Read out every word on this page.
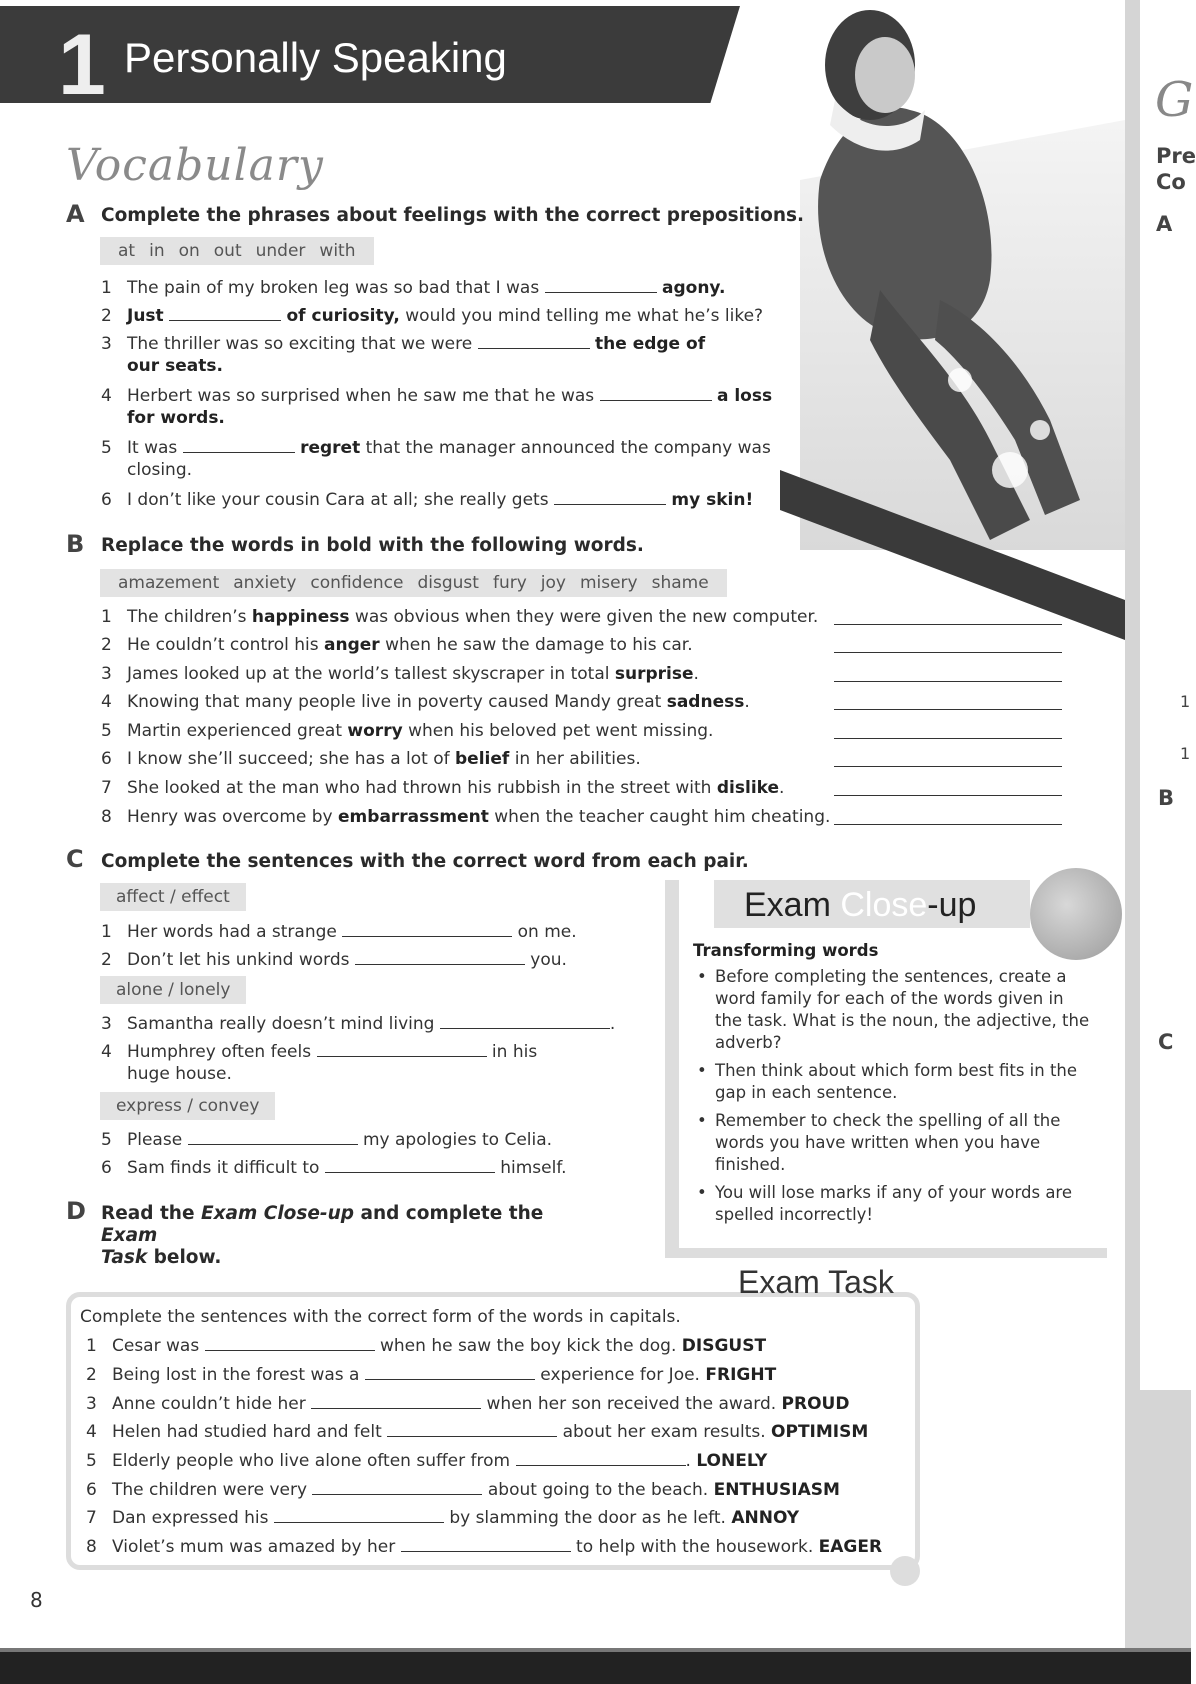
1 Personally Speaking
Vocabulary
A Complete the phrases about feelings with the correct prepositions.
at in on out under with
1 The pain of my broken leg was so bad that I was	agony.
2 Just	of curiosity, would you mind telling me what he’s like?
3 The thriller was so exciting that we were	the edge of
our seats.
4 Herbert was so surprised when he saw me that he was	a loss
for words.
5 It was	regret that the manager announced the company was
closing.
6 I don’t like your cousin Cara at all; she really gets	my skin!
B Replace the words in bold with the following words.
amazement anxiety confidence disgust fury joy misery shame
1 The children’s happiness was obvious when they were given the new computer.
2 He couldn’t control his anger when he saw the damage to his car.
3 James looked up at the world’s tallest skyscraper in total surprise.
4 Knowing that many people live in poverty caused Mandy great sadness.
5 Martin experienced great worry when his beloved pet went missing.
6 I know she’ll succeed; she has a lot of belief in her abilities.
7 She looked at the man who had thrown his rubbish in the street with dislike.
8 Henry was overcome by embarrassment when the teacher caught him cheating.
C Complete the sentences with the correct word from each pair.
affect / effect
1 Her words had a strange	on me.
2 Don’t let his unkind words	you.
alone / lonely
3 Samantha really doesn’t mind living	.
4 Humphrey often feels	in his
huge house.
express / convey
5 Please	my apologies to Celia.
6 Sam finds it difficult to	himself.
D Read the Exam Close-up and complete the Exam
Task below.
Exam Close-up
Transforming words
• Before completing the sentences, create a word family for each of the words given in the task. What is the noun, the adjective, the adverb?
• Then think about which form best fits in the gap in each sentence.
• Remember to check the spelling of all the words you have written when you have finished.
• You will lose marks if any of your words are spelled incorrectly!
Exam Task
Complete the sentences with the correct form of the words in capitals.
1 Cesar was	when he saw the boy kick the dog. DISGUST
2 Being lost in the forest was a	experience for Joe. FRIGHT
3 Anne couldn’t hide her	when her son received the award. PROUD
4 Helen had studied hard and felt	about her exam results. OPTIMISM
5 Elderly people who live alone often suffer from	. LONELY
6 The children were very	about going to the beach. ENTHUSIASM
7 Dan expressed his	by slamming the door as he left. ANNOY
8 Violet’s mum was amazed by her	to help with the housework. EAGER
8
G
Pre
Co
A
1
1
B
C
